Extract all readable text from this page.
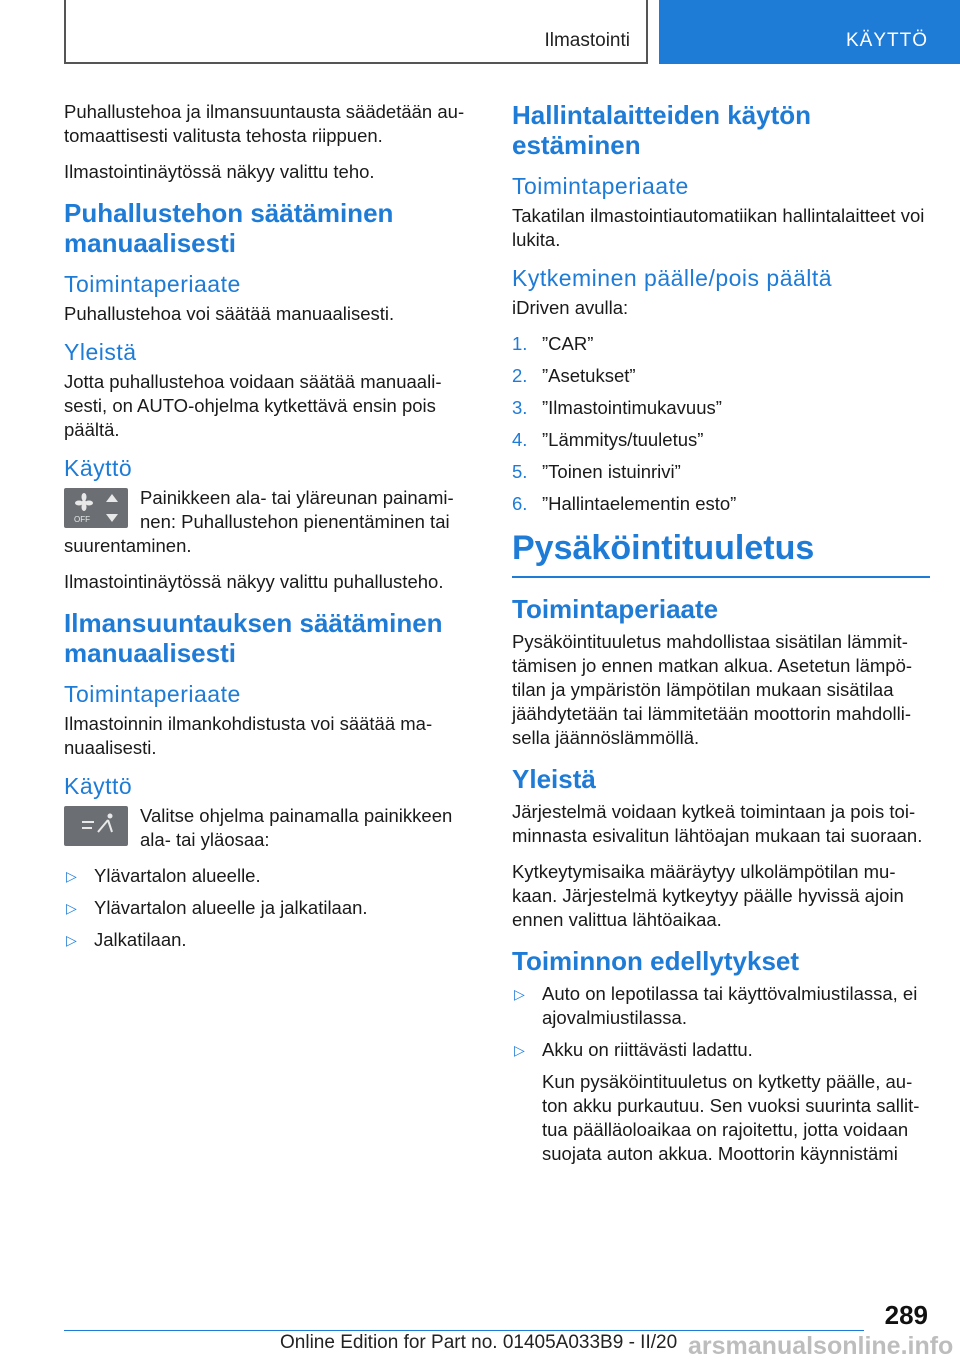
Ilmastointi	KÄYTTÖ

Puhallustehoa ja ilmansuuntausta säädetään automaattisesti valitusta tehosta riippuen.

Ilmastointinäytössä näkyy valittu teho.

Puhallustehon säätäminen manuaalisesti
Toimintaperiaate

Puhallustehoa voi säätää manuaalisesti.

Yleistä

Jotta puhallustehoa voidaan säätää manuaalisesti, on AUTO-ohjelma kytkettävä ensin pois päältä.

Käyttö
OFF

Painikkeen ala- tai yläreunan painaminen: Puhallustehon pienentäminen tai suurentaminen.

Ilmastointinäytössä näkyy valittu puhallusteho.

Ilmansuuntauksen säätäminen manuaalisesti
Toimintaperiaate

Ilmastoinnin ilmankohdistusta voi säätää manuaalisesti.

Käyttö

Valitse ohjelma painamalla painikkeen ala- tai yläosaa:

▷ Ylävartalon alueelle.
▷ Ylävartalon alueelle ja jalkatilaan.
▷ Jalkatilaan.
Hallintalaitteiden käytön estäminen
Toimintaperiaate

Takatilan ilmastointiautomatiikan hallintalaitteet voi lukita.

Kytkeminen päälle/pois päältä

iDriven avulla:

1. ”CAR”
2. ”Asetukset”
3. ”Ilmastointimukavuus”
4. ”Lämmitys/tuuletus”
5. ”Toinen istuinrivi”
6. ”Hallintaelementin esto”
Pysäköintituuletus
Toimintaperiaate

Pysäköintituuletus mahdollistaa sisätilan lämmittämisen jo ennen matkan alkua. Asetetun lämpötilan ja ympäristön lämpötilan mukaan sisätilaa jäähdytetään tai lämmitetään moottorin mahdollisella jäännöslämmöllä.

Yleistä

Järjestelmä voidaan kytkeä toimintaan ja pois toiminnasta esivalitun lähtöajan mukaan tai suoraan.

Kytkeytymisaika määräytyy ulkolämpötilan mukaan. Järjestelmä kytkeytyy päälle hyvissä ajoin ennen valittua lähtöaikaa.

Toiminnon edellytykset
▷ Auto on lepotilassa tai käyttövalmiustilassa, ei ajovalmiustilassa.
▷ Akku on riittävästi ladattu.
Kun pysäköintituuletus on kytketty päälle, auton akku purkautuu. Sen vuoksi suurinta sallittua päälläoloaikaa on rajoitettu, jotta voidaan suojata auton akkua. Moottorin käynnistämi
289
Online Edition for Part no. 01405A033B9 - II/20 arsmanualsonline.info
